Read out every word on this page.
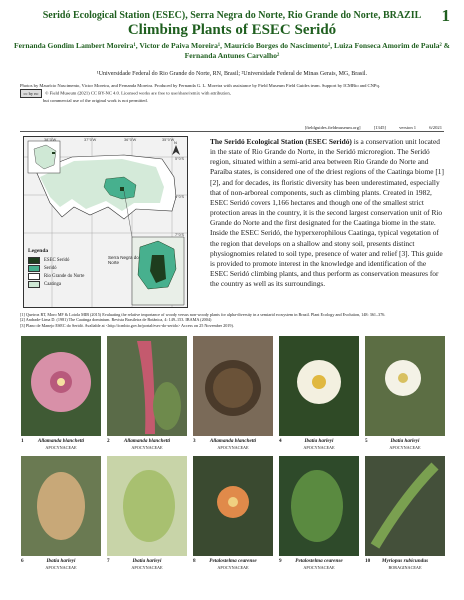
Seridó Ecological Station (ESEC), Serra Negra do Norte, Rio Grande do Norte, BRAZIL	1
Climbing Plants of ESEC Seridó
Fernanda Gondim Lambert Moreira¹, Victor de Paiva Moreira¹, Maurício Borges do Nascimento², Luiza Fonseca Amorim de Paula² & Fernanda Antunes Carvalho²
¹Universidade Federal do Rio Grande do Norte, RN, Brasil; ²Universidade Federal de Minas Gerais, MG, Brasil.
Photos by Maurício Nascimento, Victor Moreira, and Fernanda Moreira. Produced by Fernanda G. L. Moreira with assistance by Field Museum Field Guides team. Support by ICMBio and CNPq.
cc by nc © Field Museum (2021) CC BY-NC 4.0. Licensed works are free to use/share/remix with attribution,
but commercial use of the original work is not permitted.
[fieldguides.fieldmuseum.org]	[1345]	version 1	6/2021
N
Serra Negra do Norte
38°0'W	37°0'W	36°0'W	35°0'W
5°0'S
6°0'S
7°0'S
Legenda
ESEC Seridó
Seridó
Rio Grande do Norte
Caatinga
The Seridó Ecological Station (ESEC Seridó) is a conservation unit located in the state of Rio Grande do Norte, in the Seridó microregion. The Seridó region, situated within a semi-arid area between Rio Grande do Norte and Paraíba states, is considered one of the driest regions of the Caatinga biome [1][2], and for decades, its floristic diversity has been underestimated, especially that of non-arboreal components, such as climbing plants. Created in 1982, ESEC Seridó covers 1,166 hectares and though one of the smallest strict protection areas in the country, it is the second largest conservation unit of Rio Grande do Norte and the first designated for the Caatinga biome in the state. Inside the ESEC Seridó, the hyperxerophilous Caatinga, typical vegetation of the region that develops on a shallow and stony soil, presents distinct physiognomies related to soil type, presence of water and relief [3]. This guide is provided to promote interest in the knowledge and identification of the ESEC Seridó climbing plants, and thus perform as conservation measures for the country as well as its surroundings.
[1] Queiroz RT, Moro MF & Loiola MIB (2015) Evaluating the relative importance of woody versus non-woody plants for alpha-diversity in a semiarid ecosystem in Brazil. Plant Ecology and Evolution, 148: 361–376.
[2] Andrade-Lima D. (1981) The Caatinga dominium. Revista Brasileira de Botânica, 4: 149–153. IBAMA (2004)
[3] Plano de Manejo ESEC do Seridó. Avaliable at <http://icmbio.gov.br/portal/esec-do-serido> Access on 25 November 2019).
1	Allamanda blanchetti
APOCYNACEAE
2	Allamanda blanchetti
APOCYNACEAE
3	Allamanda blanchetti
APOCYNACEAE
4	Ibatia harleyi
APOCYNACEAE
5	Ibatia harleyi
APOCYNACEAE
6	Ibatia harleyi
APOCYNACEAE
7	Ibatia harleyi
APOCYNACEAE
8	Petalostelma cearense
APOCYNACEAE
9	Petalostelma cearense
APOCYNACEAE
10	Myriopus rubicundus
BORAGINACEAE
